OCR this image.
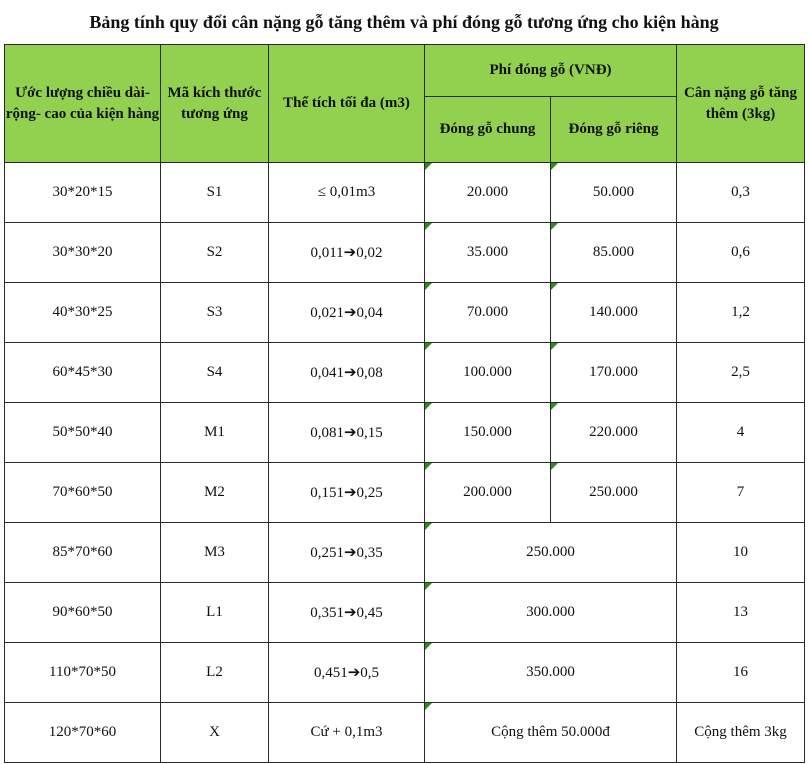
Bảng tính quy đổi cân nặng gỗ tăng thêm và phí đóng gỗ tương ứng cho kiện hàng
Ước lượng chiều dài- rộng- cao của kiện hàng	Mã kích thước tương ứng	Thể tích tối đa (m3)	Phí đóng gỗ (VNĐ)		Cân nặng gỗ tăng thêm (3kg)
			Đóng gỗ chung	Đóng gỗ riêng	
30*20*15	S1	≤ 0,01m3	20.000	50.000	0,3
30*30*20	S2	0,011➔0,02	35.000	85.000	0,6
40*30*25	S3	0,021➔0,04	70.000	140.000	1,2
60*45*30	S4	0,041➔0,08	100.000	170.000	2,5
50*50*40	M1	0,081➔0,15	150.000	220.000	4
70*60*50	M2	0,151➔0,25	200.000	250.000	7
85*70*60	M3	0,251➔0,35	250.000		10
90*60*50	L1	0,351➔0,45	300.000		13
110*70*50	L2	0,451➔0,5	350.000		16
120*70*60	X	Cứ + 0,1m3	Cộng thêm 50.000đ		Cộng thêm 3kg
